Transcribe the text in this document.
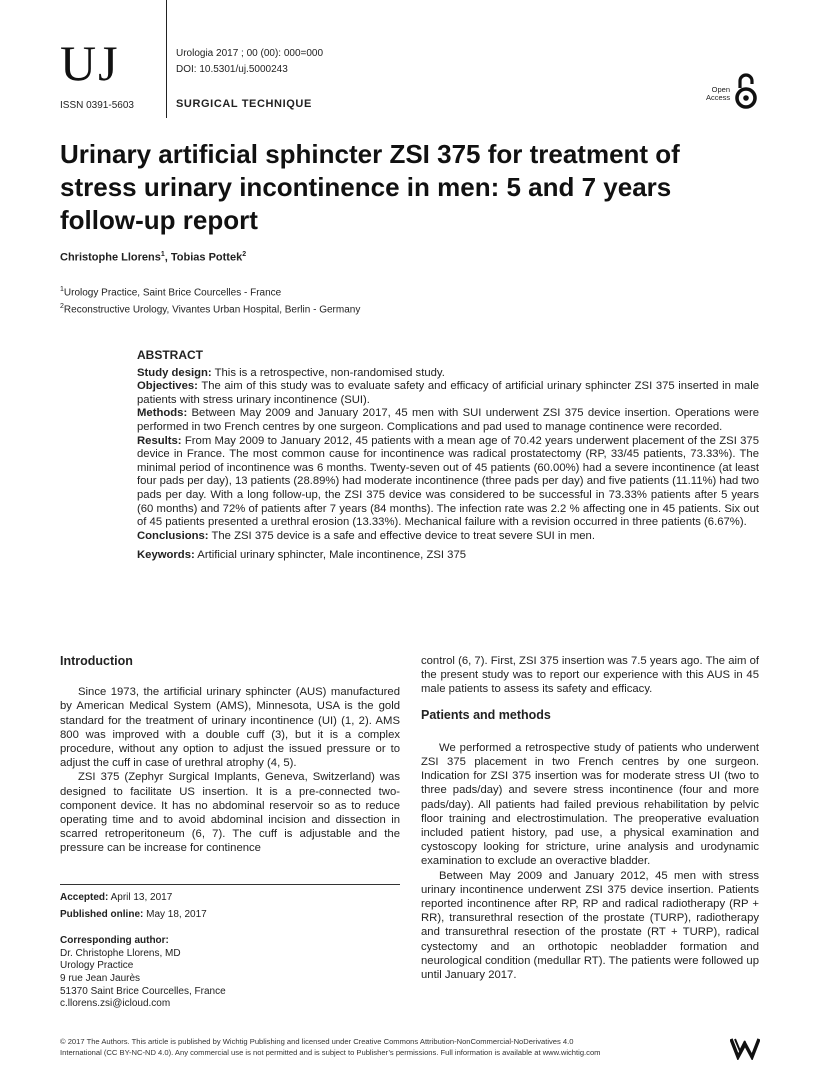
UJ
ISSN 0391-5603
Urologia 2017 ; 00 (00): 000=000
DOI: 10.5301/uj.5000243
SURGICAL TECHNIQUE
Open
Access
Urinary artificial sphincter ZSI 375 for treatment of stress urinary incontinence in men: 5 and 7 years follow-up report
Christophe Llorens$^1$, Tobias Pottek$^2$
$^1$Urology Practice, Saint Brice Courcelles - France
$^2$Reconstructive Urology, Vivantes Urban Hospital, Berlin - Germany

ABSTRACT

Study design: This is a retrospective, non-randomised study.

Objectives: The aim of this study was to evaluate safety and efficacy of artificial urinary sphincter ZSI 375 inserted in male patients with stress urinary incontinence (SUI).

Methods: Between May 2009 and January 2017, 45 men with SUI underwent ZSI 375 device insertion. Operations were performed in two French centres by one surgeon. Complications and pad used to manage continence were recorded.

Results: From May 2009 to January 2012, 45 patients with a mean age of 70.42 years underwent placement of the ZSI 375 device in France. The most common cause for incontinence was radical prostatectomy (RP, 33/45 patients, 73.33%). The minimal period of incontinence was 6 months. Twenty-seven out of 45 patients (60.00%) had a severe incontinence (at least four pads per day), 13 patients (28.89%) had moderate incontinence (three pads per day) and five patients (11.11%) had two pads per day. With a long follow-up, the ZSI 375 device was considered to be successful in 73.33% patients after 5 years (60 months) and 72% of patients after 7 years (84 months). The infection rate was 2.2 % affecting one in 45 patients. Six out of 45 patients presented a urethral erosion (13.33%). Mechanical failure with a revision occurred in three patients (6.67%).

Conclusions: The ZSI 375 device is a safe and effective device to treat severe SUI in men.

Keywords: Artificial urinary sphincter, Male incontinence, ZSI 375

Introduction

Since 1973, the artificial urinary sphincter (AUS) manufactured by American Medical System (AMS), Minnesota, USA is the gold standard for the treatment of urinary incontinence (UI) (1, 2). AMS 800 was improved with a double cuff (3), but it is a complex procedure, without any option to adjust the issued pressure or to adjust the cuff in case of urethral atrophy (4, 5).

ZSI 375 (Zephyr Surgical Implants, Geneva, Switzerland) was designed to facilitate US insertion. It is a pre-connected two-component device. It has no abdominal reservoir so as to reduce operating time and to avoid abdominal incision and dissection in scarred retroperitoneum (6, 7). The cuff is adjustable and the pressure can be increase for continence

Accepted: April 13, 2017
Published online: May 18, 2017
Corresponding author:
Dr. Christophe Llorens, MD
Urology Practice
9 rue Jean Jaurès
51370 Saint Brice Courcelles, France
c.llorens.zsi@icloud.com

control (6, 7). First, ZSI 375 insertion was 7.5 years ago. The aim of the present study was to report our experience with this AUS in 45 male patients to assess its safety and efficacy.

Patients and methods

We performed a retrospective study of patients who underwent ZSI 375 placement in two French centres by one surgeon. Indication for ZSI 375 insertion was for moderate stress UI (two to three pads/day) and severe stress incontinence (four and more pads/day). All patients had failed previous rehabilitation by pelvic floor training and electrostimulation. The preoperative evaluation included patient history, pad use, a physical examination and cystoscopy looking for stricture, urine analysis and urodynamic examination to exclude an overactive bladder.

Between May 2009 and January 2012, 45 men with stress urinary incontinence underwent ZSI 375 device insertion. Patients reported incontinence after RP, RP and radical radiotherapy (RP + RR), transurethral resection of the prostate (TURP), radiotherapy and transurethral resection of the prostate (RT + TURP), radical cystectomy and an orthotopic neobladder formation and neurological condition (medullar RT). The patients were followed up until January 2017.

© 2017 The Authors. This article is published by Wichtig Publishing and licensed under Creative Commons Attribution-NonCommercial-NoDerivatives 4.0
International (CC BY-NC-ND 4.0). Any commercial use is not permitted and is subject to Publisher’s permissions. Full information is available at www.wichtig.com
